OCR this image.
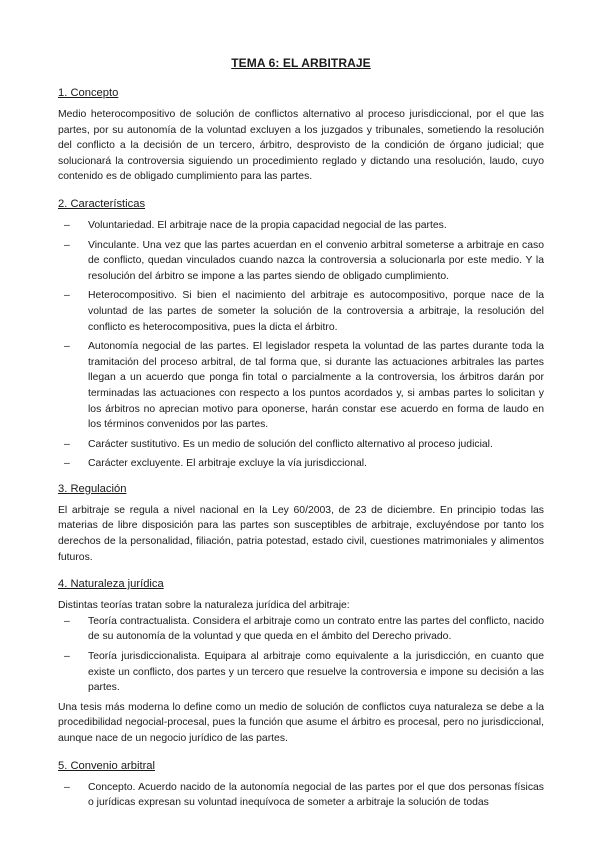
TEMA 6: EL ARBITRAJE
1. Concepto

Medio heterocompositivo de solución de conflictos alternativo al proceso jurisdiccional, por el que las partes, por su autonomía de la voluntad excluyen a los juzgados y tribunales, sometiendo la resolución del conflicto a la decisión de un tercero, árbitro, desprovisto de la condición de órgano judicial; que solucionará la controversia siguiendo un procedimiento reglado y dictando una resolución, laudo, cuyo contenido es de obligado cumplimiento para las partes.

2. Características
– Voluntariedad. El arbitraje nace de la propia capacidad negocial de las partes.
– Vinculante. Una vez que las partes acuerdan en el convenio arbitral someterse a arbitraje en caso de conflicto, quedan vinculados cuando nazca la controversia a solucionarla por este medio. Y la resolución del árbitro se impone a las partes siendo de obligado cumplimiento.
– Heterocompositivo. Si bien el nacimiento del arbitraje es autocompositivo, porque nace de la voluntad de las partes de someter la solución de la controversia a arbitraje, la resolución del conflicto es heterocompositiva, pues la dicta el árbitro.
– Autonomía negocial de las partes. El legislador respeta la voluntad de las partes durante toda la tramitación del proceso arbitral, de tal forma que, si durante las actuaciones arbitrales las partes llegan a un acuerdo que ponga fin total o parcialmente a la controversia, los árbitros darán por terminadas las actuaciones con respecto a los puntos acordados y, si ambas partes lo solicitan y los árbitros no aprecian motivo para oponerse, harán constar ese acuerdo en forma de laudo en los términos convenidos por las partes.
– Carácter sustitutivo. Es un medio de solución del conflicto alternativo al proceso judicial.
– Carácter excluyente. El arbitraje excluye la vía jurisdiccional.
3. Regulación

El arbitraje se regula a nivel nacional en la Ley 60/2003, de 23 de diciembre. En principio todas las materias de libre disposición para las partes son susceptibles de arbitraje, excluyéndose por tanto los derechos de la personalidad, filiación, patria potestad, estado civil, cuestiones matrimoniales y alimentos futuros.

4. Naturaleza jurídica

Distintas teorías tratan sobre la naturaleza jurídica del arbitraje:

– Teoría contractualista. Considera el arbitraje como un contrato entre las partes del conflicto, nacido de su autonomía de la voluntad y que queda en el ámbito del Derecho privado.
– Teoría jurisdiccionalista. Equipara al arbitraje como equivalente a la jurisdicción, en cuanto que existe un conflicto, dos partes y un tercero que resuelve la controversia e impone su decisión a las partes.

Una tesis más moderna lo define como un medio de solución de conflictos cuya naturaleza se debe a la procedibilidad negocial-procesal, pues la función que asume el árbitro es procesal, pero no jurisdiccional, aunque nace de un negocio jurídico de las partes.

5. Convenio arbitral
– Concepto. Acuerdo nacido de la autonomía negocial de las partes por el que dos personas físicas o jurídicas expresan su voluntad inequívoca de someter a arbitraje la solución de todas
